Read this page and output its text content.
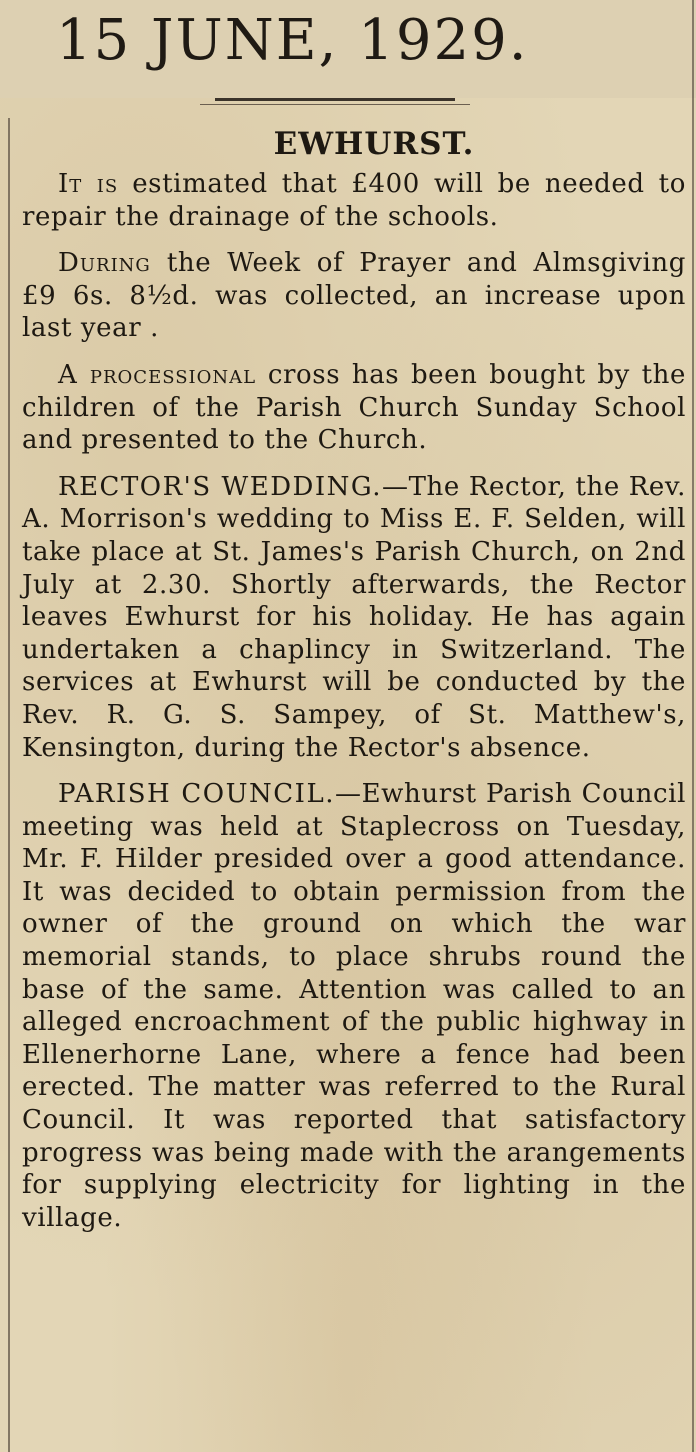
15 JUNE, 1929.
EWHURST.

It is estimated that £400 will be needed to repair the drainage of the schools.

During the Week of Prayer and Almsgiving £9 6s. 8½d. was collected, an increase upon last year .

A processional cross has been bought by the children of the Parish Church Sunday School and presented to the Church.

RECTOR'S WEDDING.—The Rector, the Rev. A. Morrison's wedding to Miss E. F. Selden, will take place at St. James's Parish Church, on 2nd July at 2.30. Shortly afterwards, the Rector leaves Ewhurst for his holiday. He has again undertaken a chaplincy in Switzerland. The services at Ewhurst will be conducted by the Rev. R. G. S. Sampey, of St. Matthew's, Kensington, during the Rector's absence.

PARISH COUNCIL.—Ewhurst Parish Council meeting was held at Staplecross on Tuesday, Mr. F. Hilder presided over a good attendance. It was decided to obtain permission from the owner of the ground on which the war memorial stands, to place shrubs round the base of the same. Attention was called to an alleged encroachment of the public highway in Ellenerhorne Lane, where a fence had been erected. The matter was referred to the Rural Council. It was reported that satisfactory progress was being made with the arangements for supplying electricity for lighting in the village.
